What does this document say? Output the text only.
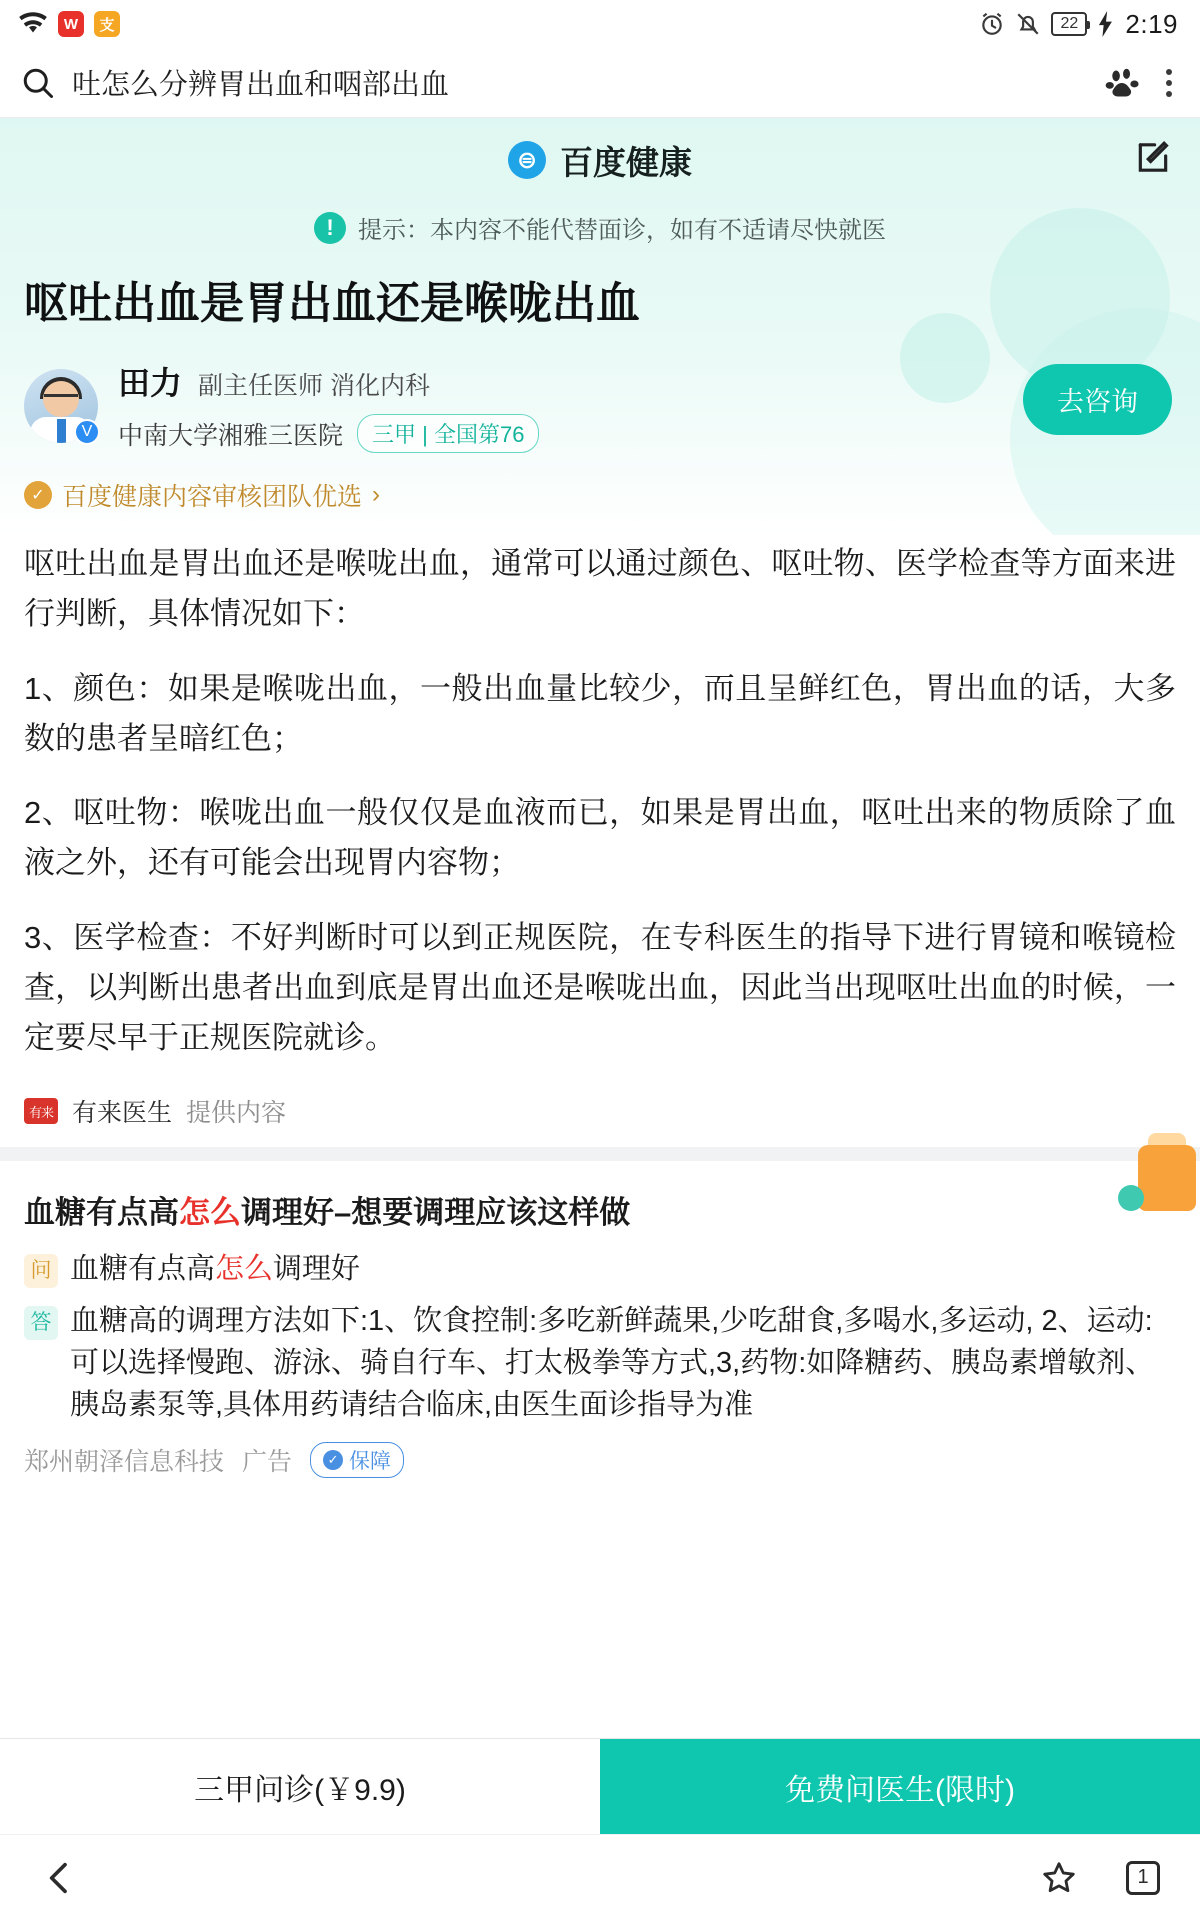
W	支	22	2:19
吐怎么分辨胃出血和咽部出血
⊜ 百度健康
!	提示：本内容不能代替面诊，如有不适请尽快就医
呕吐出血是胃出血还是喉咙出血
V
田力 副主任医师 消化内科
中南大学湘雅三医院	三甲 | 全国第76
去咨询
✓ 百度健康内容审核团队优选 ›

呕吐出血是胃出血还是喉咙出血，通常可以通过颜色、呕吐物、医学检查等方面来进行判断，具体情况如下：

1、颜色：如果是喉咙出血，一般出血量比较少，而且呈鲜红色，胃出血的话，大多数的患者呈暗红色；

2、呕吐物：喉咙出血一般仅仅是血液而已，如果是胃出血，呕吐出来的物质除了血液之外，还有可能会出现胃内容物；

3、医学检查：不好判断时可以到正规医院，在专科医生的指导下进行胃镜和喉镜检查，以判断出患者出血到底是胃出血还是喉咙出血，因此当出现呕吐出血的时候，一定要尽早于正规医院就诊。

有来 有来医生 提供内容
血糖有点高怎么调理好–想要调理应该这样做
问 血糖有点高怎么调理好
答 血糖高的调理方法如下:1、饮食控制:多吃新鲜蔬果,少吃甜食,多喝水,多运动, 2、运动:可以选择慢跑、游泳、骑自行车、打太极拳等方式,3,药物:如降糖药、胰岛素增敏剂、胰岛素泵等,具体用药请结合临床,由医生面诊指导为准
郑州朝泽信息科技 广告	✓ 保障
三甲问诊(￥9.9)	免费问医生(限时)
1
